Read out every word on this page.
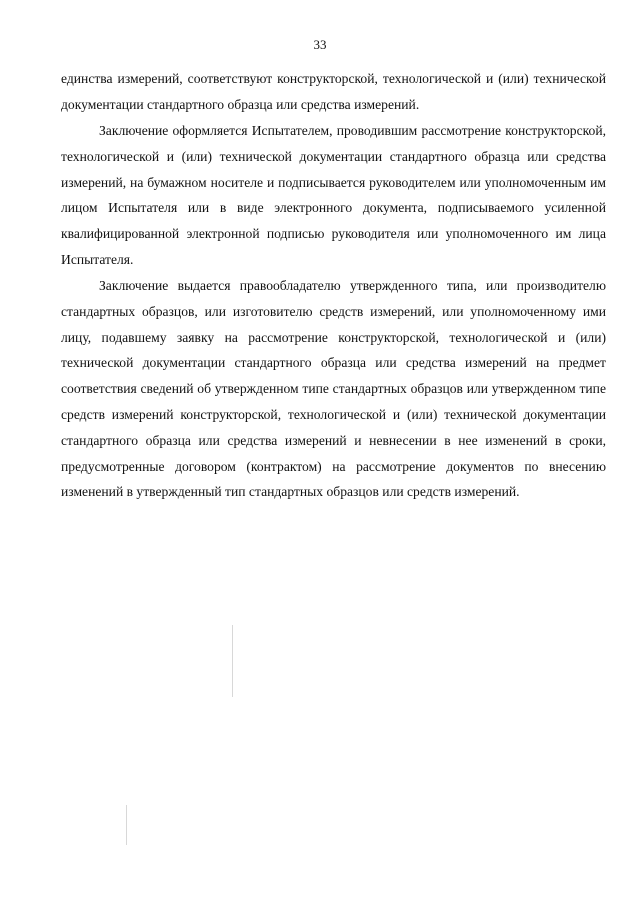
33

единства измерений, соответствуют конструкторской, технологической и (или) технической документации стандартного образца или средства измерений.

Заключение оформляется Испытателем, проводившим рассмотрение конструкторской, технологической и (или) технической документации стандартного образца или средства измерений, на бумажном носителе и подписывается руководителем или уполномоченным им лицом Испытателя или в виде электронного документа, подписываемого усиленной квалифицированной электронной подписью руководителя или уполномоченного им лица Испытателя.

Заключение выдается правообладателю утвержденного типа, или производителю стандартных образцов, или изготовителю средств измерений, или уполномоченному ими лицу, подавшему заявку на рассмотрение конструкторской, технологической и (или) технической документации стандартного образца или средства измерений на предмет соответствия сведений об утвержденном типе стандартных образцов или утвержденном типе средств измерений конструкторской, технологической и (или) технической документации стандартного образца или средства измерений и невнесении в нее изменений в сроки, предусмотренные договором (контрактом) на рассмотрение документов по внесению изменений в утвержденный тип стандартных образцов или средств измерений.
